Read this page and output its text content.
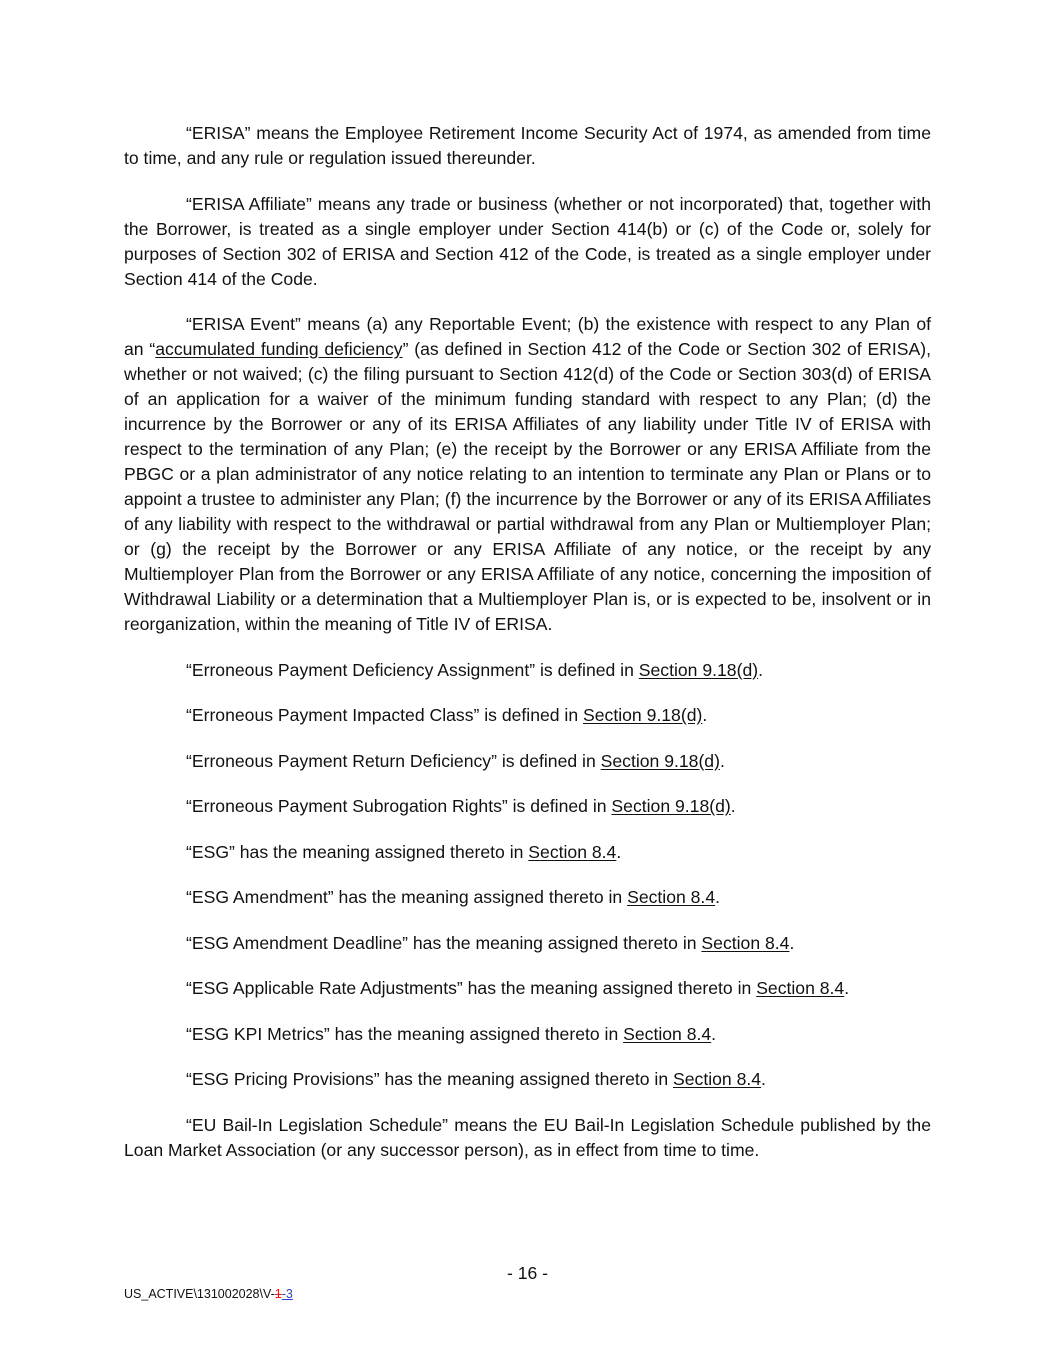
“ERISA” means the Employee Retirement Income Security Act of 1974, as amended from time to time, and any rule or regulation issued thereunder.

“ERISA Affiliate” means any trade or business (whether or not incorporated) that, together with the Borrower, is treated as a single employer under Section 414(b) or (c) of the Code or, solely for purposes of Section 302 of ERISA and Section 412 of the Code, is treated as a single employer under Section 414 of the Code.

“ERISA Event” means (a) any Reportable Event; (b) the existence with respect to any Plan of an “accumulated funding deficiency” (as defined in Section 412 of the Code or Section 302 of ERISA), whether or not waived; (c) the filing pursuant to Section 412(d) of the Code or Section 303(d) of ERISA of an application for a waiver of the minimum funding standard with respect to any Plan; (d) the incurrence by the Borrower or any of its ERISA Affiliates of any liability under Title IV of ERISA with respect to the termination of any Plan; (e) the receipt by the Borrower or any ERISA Affiliate from the PBGC or a plan administrator of any notice relating to an intention to terminate any Plan or Plans or to appoint a trustee to administer any Plan; (f) the incurrence by the Borrower or any of its ERISA Affiliates of any liability with respect to the withdrawal or partial withdrawal from any Plan or Multiemployer Plan; or (g) the receipt by the Borrower or any ERISA Affiliate of any notice, or the receipt by any Multiemployer Plan from the Borrower or any ERISA Affiliate of any notice, concerning the imposition of Withdrawal Liability or a determination that a Multiemployer Plan is, or is expected to be, insolvent or in reorganization, within the meaning of Title IV of ERISA.

“Erroneous Payment Deficiency Assignment” is defined in Section 9.18(d).

“Erroneous Payment Impacted Class” is defined in Section 9.18(d).

“Erroneous Payment Return Deficiency” is defined in Section 9.18(d).

“Erroneous Payment Subrogation Rights” is defined in Section 9.18(d).

“ESG” has the meaning assigned thereto in Section 8.4.

“ESG Amendment” has the meaning assigned thereto in Section 8.4.

“ESG Amendment Deadline” has the meaning assigned thereto in Section 8.4.

“ESG Applicable Rate Adjustments” has the meaning assigned thereto in Section 8.4.

“ESG KPI Metrics” has the meaning assigned thereto in Section 8.4.

“ESG Pricing Provisions” has the meaning assigned thereto in Section 8.4.

“EU Bail-In Legislation Schedule” means the EU Bail-In Legislation Schedule published by the Loan Market Association (or any successor person), as in effect from time to time.

- 16 -
US_ACTIVE\131002028\V-1-3
